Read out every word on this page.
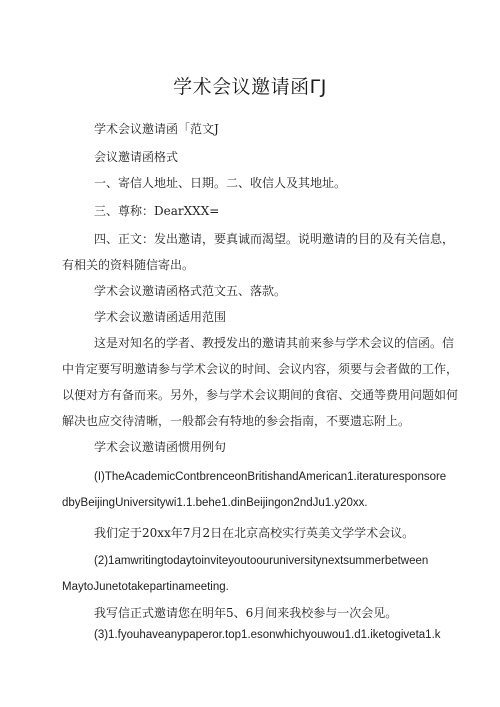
学术会议邀请函ΓJ
学术会议邀请函「范文J
会议邀请函格式
一、寄信人地址、日期。二、收信人及其地址。
三、尊称：DearXXX=
四、正文：发出邀请，要真诚而渴望。说明邀请的目的及有关信息，
有相关的资料随信寄出。
学术会议邀请函格式范文五、落款。
学术会议邀请函适用范围
这是对知名的学者、教授发出的邀请其前来参与学术会议的信函。信
中肯定要写明邀请参与学术会议的时间、会议内容，须要与会者做的工作，
以便对方有备而来。另外，参与学术会议期间的食宿、交通等费用问题如何
解决也应交待清晰，一般都会有特地的参会指南，不要遗忘附上。
学术会议邀请函惯用例句
(I)TheAcademicContbrenceonBritishandAmerican1.iteraturesponsore
dbyBeijingUniversitywi1.1.behe1.dinBeijingon2ndJu1.y20xx.
我们定于20xx年7月2日在北京高校实行英美文学学术会议。
(2)1amwritingtodaytoinviteyoutoouruniversitynextsummerbetween
MaytoJunetotakepartinameeting.
我写信正式邀请您在明年5、6月间来我校参与一次会见。
(3)1.fyouhaveanypaperor.top1.esonwhichyouwou1.d1.iketogiveta1.k
